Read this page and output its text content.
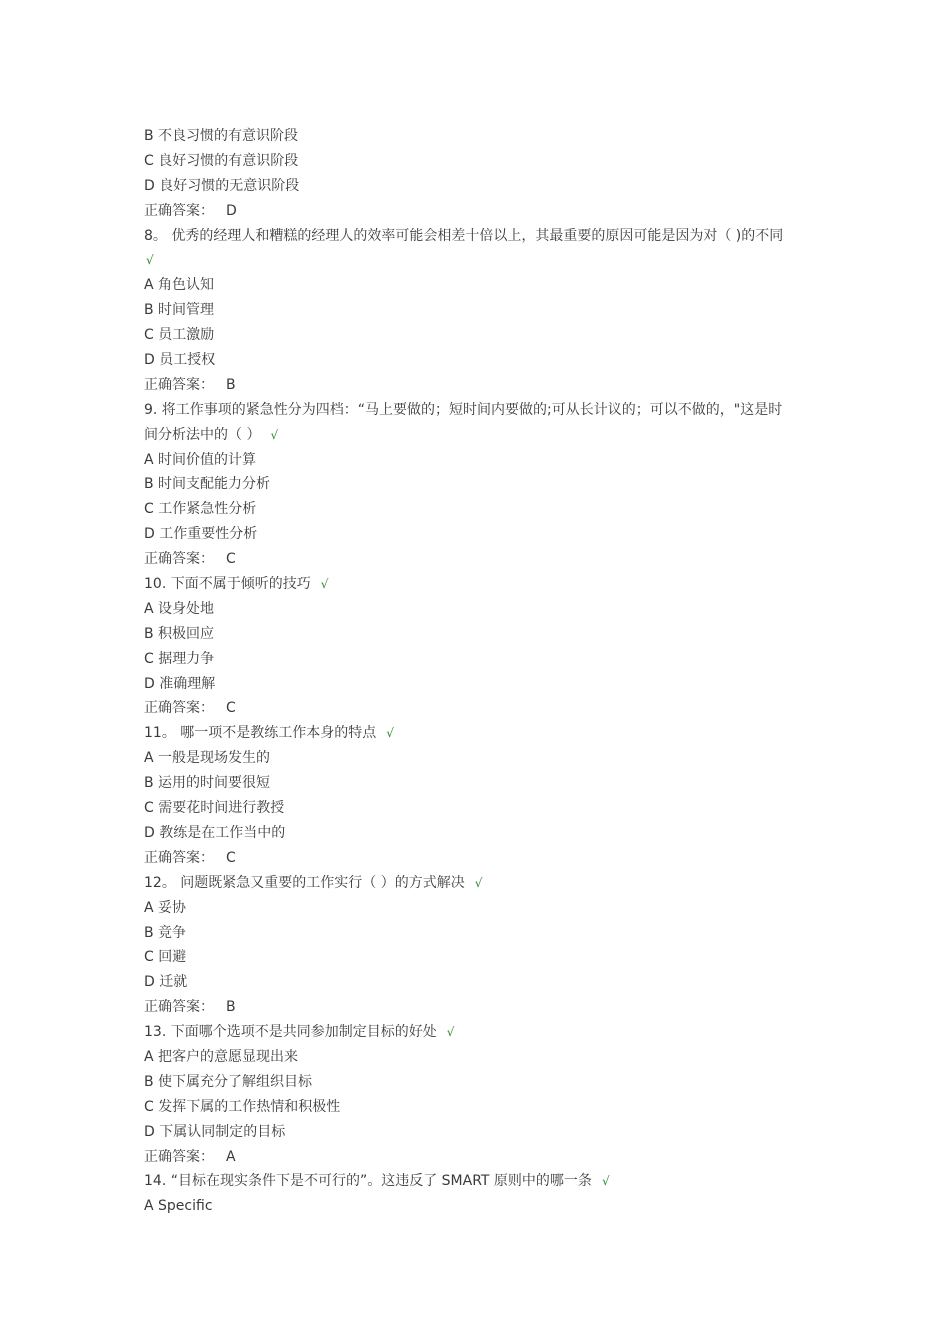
B 不良习惯的有意识阶段
C 良好习惯的有意识阶段
D 良好习惯的无意识阶段
正确答案： D
8。 优秀的经理人和糟糕的经理人的效率可能会相差十倍以上，其最重要的原因可能是因为对（ )的不同
√
A 角色认知
B 时间管理
C 员工激励
D 员工授权
正确答案： B
9. 将工作事项的紧急性分为四档：“马上要做的；短时间内要做的;可从长计议的；可以不做的，"这是时
间分析法中的（ ） √
A 时间价值的计算
B 时间支配能力分析
C 工作紧急性分析
D 工作重要性分析
正确答案： C
10. 下面不属于倾听的技巧 √
A 设身处地
B 积极回应
C 据理力争
D 准确理解
正确答案： C
11。 哪一项不是教练工作本身的特点 √
A 一般是现场发生的
B 运用的时间要很短
C 需要花时间进行教授
D 教练是在工作当中的
正确答案： C
12。 问题既紧急又重要的工作实行（ ）的方式解决 √
A 妥协
B 竞争
C 回避
D 迁就
正确答案： B
13. 下面哪个选项不是共同参加制定目标的好处 √
A 把客户的意愿显现出来
B 使下属充分了解组织目标
C 发挥下属的工作热情和积极性
D 下属认同制定的目标
正确答案： A
14. “目标在现实条件下是不可行的”。这违反了 SMART 原则中的哪一条 √
A Specific
